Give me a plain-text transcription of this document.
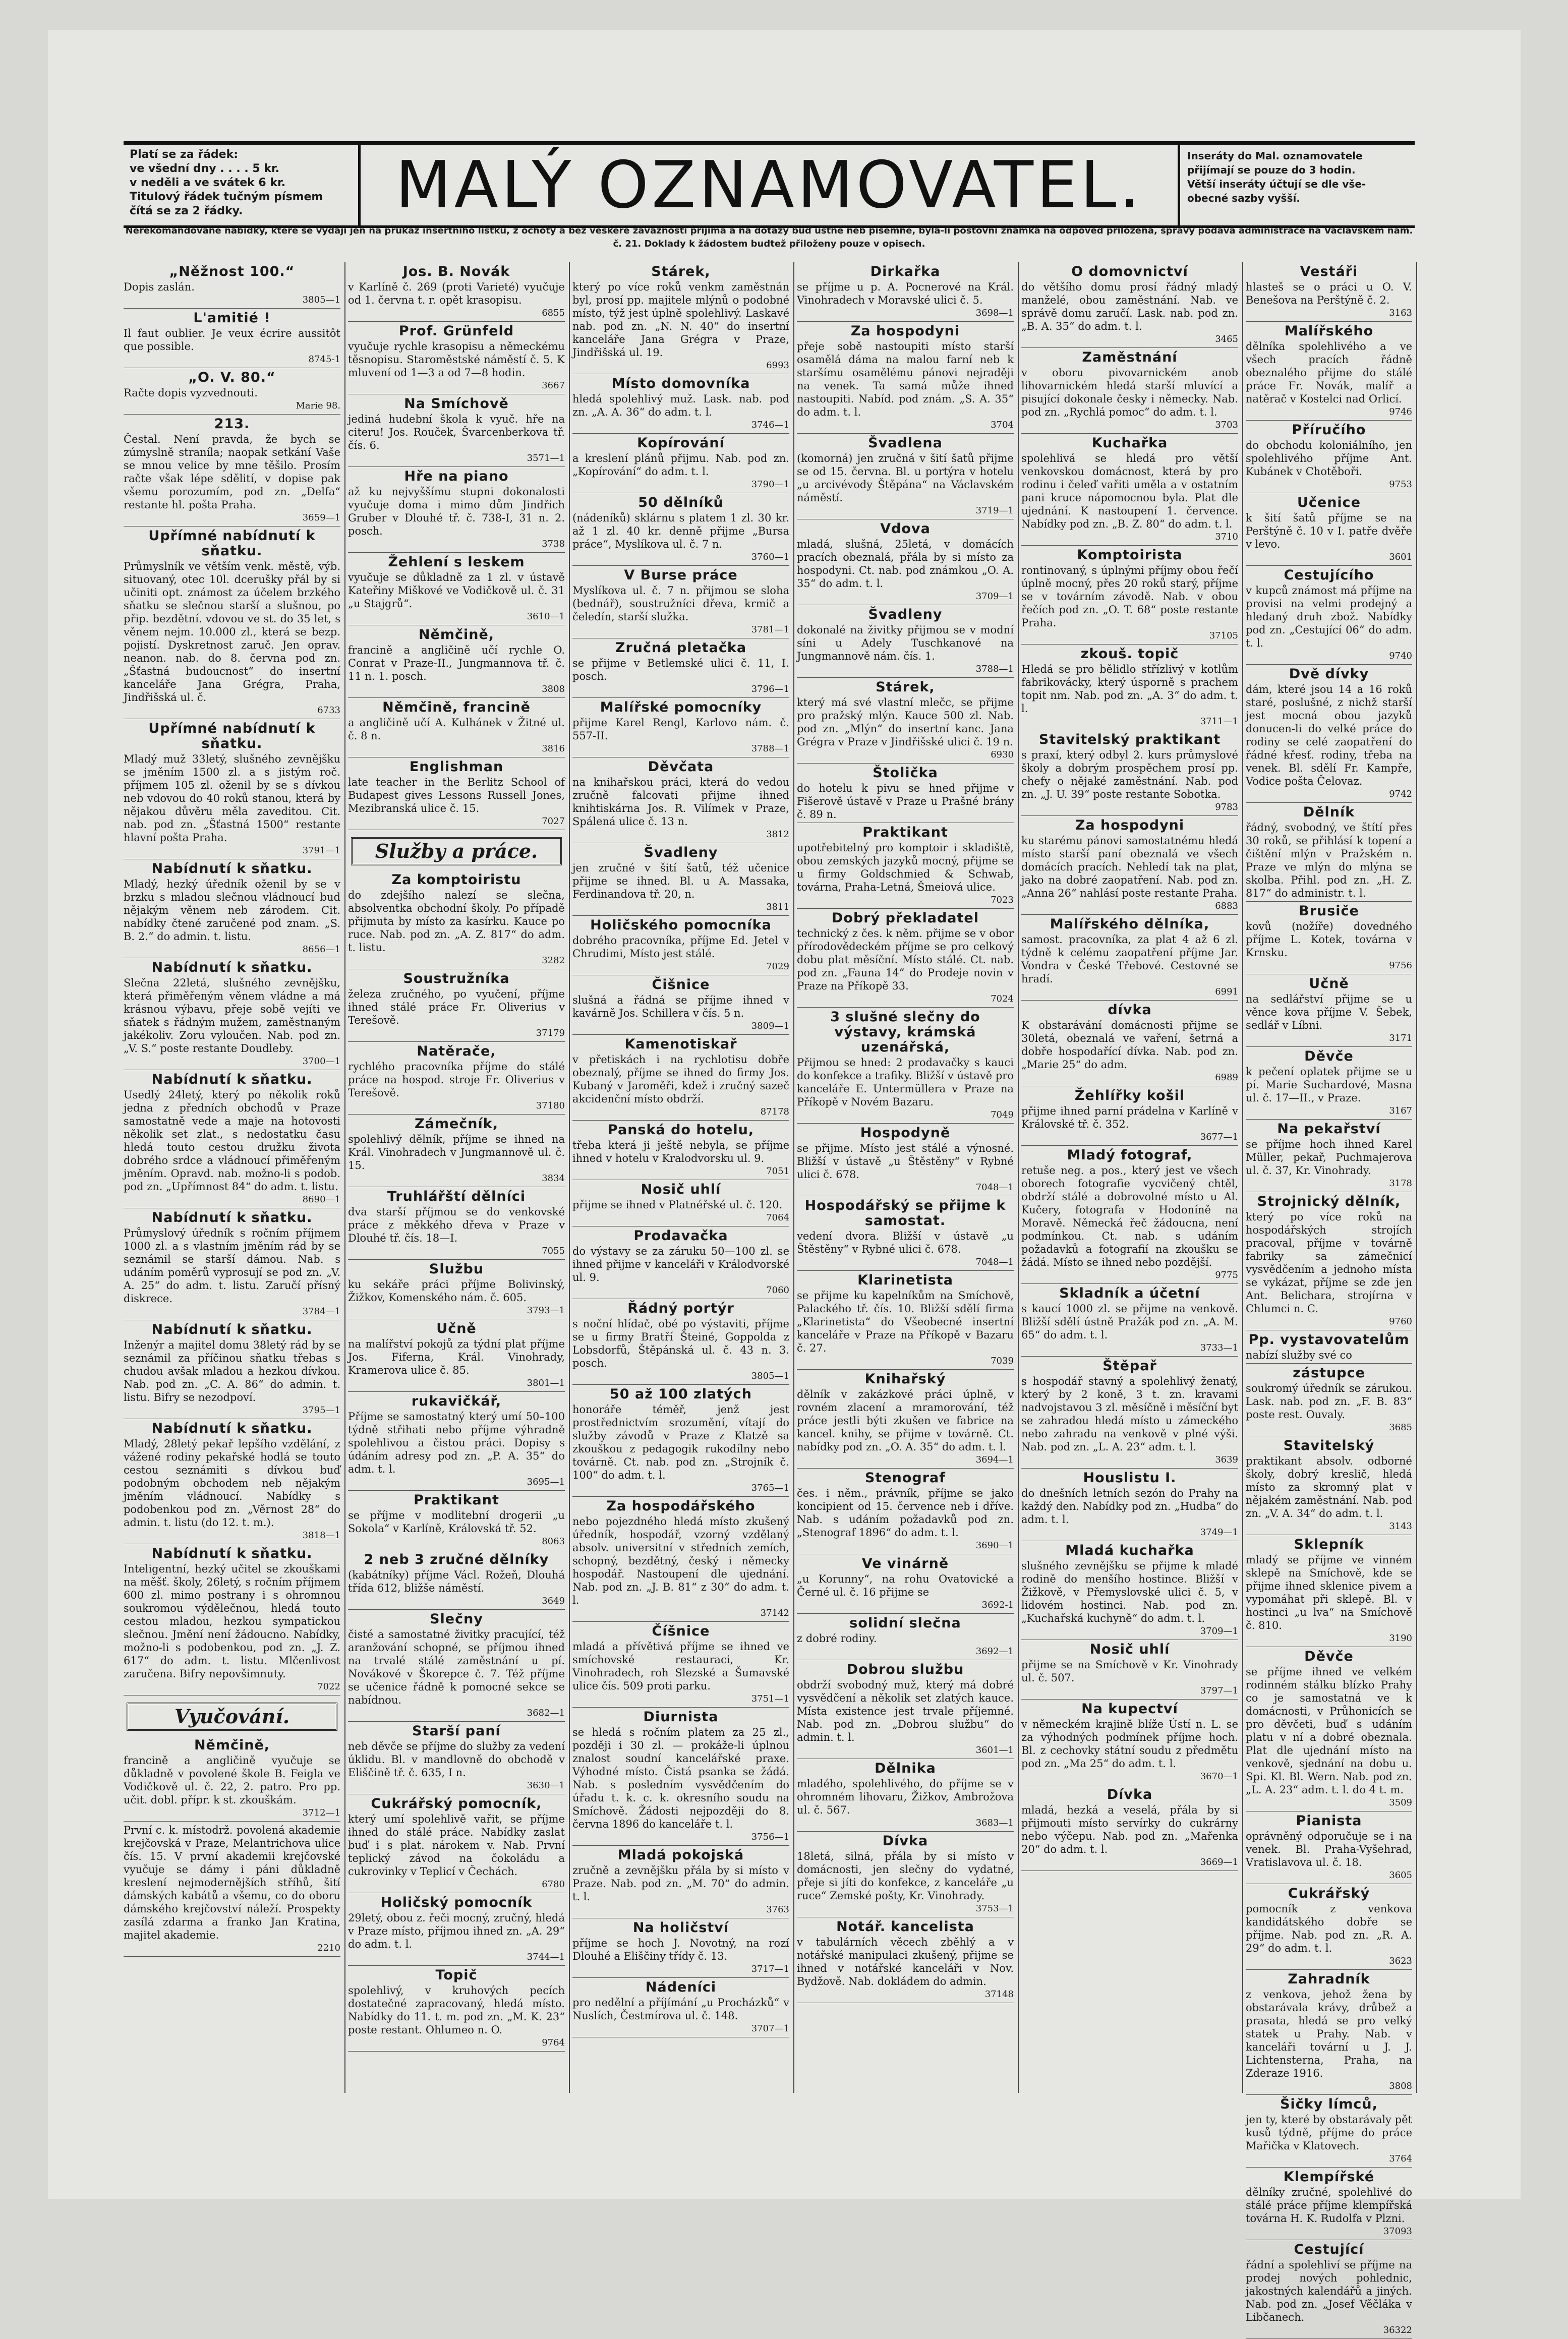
Platí se za řádek:
ve všední dny . . . . 5 kr.
v neděli a ve svátek 6 kr.
Titulový řádek tučným písmem
čítá se za 2 řádky.	MALÝ OZNAMOVATEL.	Inseráty do Mal. oznamovatele
přijímají se pouze do 3 hodin.
Větší inseráty účtují se dle vše-
obecné sazby vyšší.
Nerekomandované nabídky, které se vydají jen na průkaz insertního lístku, z ochoty a bez veškeré závaznosti přijímá a na dotazy buď ústně neb písemně, byla-li poštovní známka na odpověď přiložena, správy podává administrace na Václavském nám. č. 21. Doklady k žádostem budtež přiloženy pouze v opisech.
„Něžnost 100.“
Dopis zaslán.
3805—1
L'amitié !
Il faut oublier. Je veux écrire aussitôt que possible.
8745-1
„O. V. 80.“
Račte dopis vyzvednouti.
Marie 98.
213.
Čestal. Není pravda, že bych se zúmyslně straníla; naopak setkání Vaše se mnou velice by mne těšilo. Prosím račte však lépe sdělití, v dopise pak všemu porozumím, pod zn. „Delfa“ restante hl. pošta Praha.
3659—1
Upřímné nabídnutí k sňatku.
Průmyslník ve větším venk. městě, výb. situovaný, otec 10l. dcerušky přál by si učiniti opt. známost za účelem brzkého sňatku se slečnou starší a slušnou, po přip. bezdětní. vdovou ve st. do 35 let, s věnem nejm. 10.000 zl., která se bezp. pojistí. Dyskretnost zaruč. Jen oprav. neanon. nab. do 8. června pod zn. „Šťastná budoucnost“ do insertní kanceláře Jana Grégra, Praha, Jindřišská ul. č.
6733
Upřímné nabídnutí k sňatku.
Mladý muž 33letý, slušného zevnějšku se jměním 1500 zl. a s jistým roč. příjmem 105 zl. oženil by se s dívkou neb vdovou do 40 roků stanou, která by nějakou důvěru měla zaveditou. Cit. nab. pod zn. „Šťastná 1500“ restante hlavní pošta Praha.
3791—1
Nabídnutí k sňatku.
Mladý, hezký úředník oženil by se v brzku s mladou slečnou vládnoucí bud nějakým věnem neb zárodem. Cit. nabídky čtené zaručené pod znam. „S. B. 2.“ do admin. t. listu.
8656—1
Nabídnutí k sňatku.
Slečna 22letá, slušného zevnějšku, která přiměřeným věnem vládne a má krásnou výbavu, přeje sobě vejíti ve sňatek s řádným mužem, zaměstnaným jakékoliv. Zoru vyloučen. Nab. pod zn. „V. S.“ poste restante Doudleby.
3700—1
Nabídnutí k sňatku.
Usedlý 24letý, který po několik roků jedna z předních obchodů v Praze samostatně vede a maje na hotovosti několik set zlat., s nedostatku času hledá touto cestou družku života dobrého srdce a vládnoucí přiměřeným jměním. Opravd. nab. možno-li s podob. pod zn. „Upřímnost 84“ do adm. t. listu.
8690—1
Nabídnutí k sňatku.
Průmyslový úředník s ročním příjmem 1000 zl. a s vlastním jměním rád by se seznámil se starší dámou. Nab. s udáním poměrů vyprosují se pod zn. „V. A. 25“ do adm. t. listu. Zaručí přísný diskrece.
3784—1
Nabídnutí k sňatku.
Inženýr a majitel domu 38letý rád by se seznámil za příčinou sňatku třebas s chudou avšak mladou a hezkou dívkou. Nab. pod zn. „C. A. 86“ do admin. t. listu. Bifry se nezodpoví.
3795—1
Nabídnutí k sňatku.
Mladý, 28letý pekař lepšího vzdělání, z vážené rodiny pekařské hodlá se touto cestou seznámiti s dívkou buď podobným obchodem neb nějakým jměním vládnoucí. Nabídky s podobenkou pod zn. „Věrnost 28“ do admin. t. listu (do 12. t. m.).
3818—1
Nabídnutí k sňatku.
Inteligentní, hezký učitel se zkouškami na měšť. školy, 26letý, s ročním příjmem 600 zl. mimo postrany i s ohromnou soukromou výdělečnou, hledá touto cestou mladou, hezkou sympatickou slečnou. Jmění není žádoucno. Nabídky, možno-li s podobenkou, pod zn. „J. Z. 617“ do adm. t. listu. Mlčenlivost zaručena. Bifry nepovšimnuty.
7022
Vyučování.
Němčině,
francině a angličině vyučuje se důkladně v povolené škole B. Feigla ve Vodičkově ul. č. 22, 2. patro. Pro pp. učit. dobl. přípr. k st. zkouškám.
3712—1
První c. k. místodrž. povolená akademie krejčovská v Praze, Melantrichova ulice čís. 15. V první akademii krejčovské vyučuje se dámy i páni důkladně kreslení nejmodernějších stříhů, šití dámských kabátů a všemu, co do oboru dámského krejčovství náleží. Prospekty zasílá zdarma a franko Jan Kratina, majitel akademie.
2210
Jos. B. Novák
v Karlíně č. 269 (proti Varieté) vyučuje od 1. června t. r. opět krasopisu.
6855
Prof. Grünfeld
vyučuje rychle krasopisu a německému těsnopisu. Staroměstské náměstí č. 5. K mluvení od 1—3 a od 7—8 hodin.
3667
Na Smíchově
jediná hudební škola k vyuč. hře na citeru! Jos. Rouček, Švarcenberkova tř. čís. 6.
3571—1
Hře na piano
až ku nejvyššímu stupni dokonalosti vyučuje doma i mimo dům Jindřich Gruber v Dlouhé tř. č. 738-I, 31 n. 2. posch.
3738
Žehlení s leskem
vyučuje se důkladně za 1 zl. v ústavě Kateřiny Miškové ve Vodičkově ul. č. 31 „u Stajgrů“.
3610—1
Němčině,
francině a angličině učí rychle O. Conrat v Praze-II., Jungmannova tř. č. 11 n. 1. posch.
3808
Němčině, francině
a angličině učí A. Kulhánek v Žitné ul. č. 8 n.
3816
Englishman
late teacher in the Berlitz School of Budapest gives Lessons Russell Jones, Mezibranská ulice č. 15.
7027
Služby a práce.
Za komptoiristu
do zdejšího nalezí se slečna, absolventka obchodní školy. Po případě přijmuta by místo za kasírku. Kauce po ruce. Nab. pod zn. „A. Z. 817“ do adm. t. listu.
3282
Soustružníka
železa zručného, po vyučení, příjme ihned stálé práce Fr. Oliverius v Terešově.
37179
Natěrače,
rychlého pracovníka příjme do stálé práce na hospod. stroje Fr. Oliverius v Terešově.
37180
Zámečník,
spolehlivý dělník, příjme se ihned na Král. Vinohradech v Jungmannově ul. č. 15.
3834
Truhlářští dělníci
dva starší příjmou se do venkovské práce z měkkého dřeva v Praze v Dlouhé tř. čís. 18—I.
7055
Službu
ku sekáře práci příjme Bolivinský, Žižkov, Komenského nám. č. 605.
3793—1
Učně
na malířství pokojů za týdní plat příjme Jos. Fiferna, Král. Vinohrady, Kramerova ulice č. 85.
3801—1
rukavičkář,
Příjme se samostatný který umí 50–100 týdně střihati nebo příjme výhradně spolehlivou a čistou práci. Dopisy s údáním adresy pod zn. „P. A. 35“ do adm. t. l.
3695—1
Praktikant
se příjme v modlitební drogerii „u Sokola“ v Karlíně, Královská tř. 52.
8063
2 neb 3 zručné dělníky
(kabátníky) příjme Václ. Rožeň, Dlouhá třída 612, bližše náměstí.
3649
Slečny
čisté a samostatné živitky pracující, též aranžování schopné, se příjmou ihned na trvalé stálé zaměstnání u pí. Novákové v Škorepce č. 7. Též příjme se učenice řádně k pomocné sekce se nabídnou.
3682—1
Starší paní
neb děvče se příjme do služby za vedení úklidu. Bl. v mandlovně do obchodě v Eliščině tř. č. 635, I n.
3630—1
Cukrářský pomocník,
který umí spolehlivě vařit, se příjme ihned do stálé práce. Nabídky zaslat buď i s plat. nárokem v. Nab. První teplický závod na čokoládu a cukrovinky v Teplicí v Čechách.
6780
Holičský pomocník
29letý, obou z. řeči mocný, zručný, hledá v Praze místo, příjmou ihned zn. „A. 29“ do adm. t. l.
3744—1
Topič
spolehlivý, v kruhových pecích dostatečné zapracovaný, hledá místo. Nabídky do 11. t. m. pod zn. „M. K. 23“ poste restant. Ohlumeo n. O.
9764
Stárek,
který po více roků venkm zaměstnán byl, prosí pp. majitele mlýnů o podobné místo, týž jest úplně spolehlivý. Laskavé nab. pod zn. „N. N. 40“ do insertní kanceláře Jana Grégra v Praze, Jindřišská ul. 19.
6993
Místo domovníka
hledá spolehlivý muž. Lask. nab. pod zn. „A. A. 36“ do adm. t. l.
3746—1
Kopírování
a kreslení plánů přijmu. Nab. pod zn. „Kopírování“ do adm. t. l.
3790—1
50 dělníků
(nádeníků) sklárnu s platem 1 zl. 30 kr. až 1 zl. 40 kr. denně přijme „Bursa práce“, Myslíkova ul. č. 7 n.
3760—1
V Burse práce
Myslíkova ul. č. 7 n. přijmou se sloha (bednář), soustružníci dřeva, krmič a čeledín, starší služka.
3781—1
Zručná pletačka
se přijme v Betlemské ulici č. 11, I. posch.
3796—1
Malířské pomocníky
přijme Karel Rengl, Karlovo nám. č. 557-II.
3788—1
Děvčata
na knihařskou práci, která do vedou zručně falcovati přijme ihned knihtiskárna Jos. R. Vilímek v Praze, Spálená ulice č. 13 n.
3812
Švadleny
jen zručné v šití šatů, též učenice přijme se ihned. Bl. u A. Massaka, Ferdinandova tř. 20, n.
3811
Holičského pomocníka
dobrého pracovníka, příjme Ed. Jetel v Chrudimi, Místo jest stálé.
7029
Čišnice
slušná a řádná se příjme ihned v kavárně Jos. Schillera v čís. 5 n.
3809—1
Kamenotiskař
v přetiskách i na rychlotisu dobře obeznalý, příjme se ihned do firmy Jos. Kubaný v Jaroměři, kdež i zručný sazeč akcidenční místo obdrží.
87178
Panská do hotelu,
třeba která ji ještě nebyla, se příjme ihned v hotelu v Kralodvorsku ul. 9.
7051
Nosič uhlí
přijme se ihned v Platnéřské ul. č. 120.
7064
Prodavačka
do výstavy se za záruku 50—100 zl. se ihned přijme v kanceláři v Králodvorské ul. 9.
7060
Řádný portýr
s noční hlídač, obé po výstaviti, příjme se u firmy Bratří Šteiné, Goppolda z Lobsdorfů, Štěpánská ul. č. 43 n. 3. posch.
3805—1
50 až 100 zlatých
honoráře téměř, jenž jest prostřednictvím srozumění, vítají do služby závodů v Praze z Klatzě sa zkouškou z pedagogik rukodílny nebo továrně. Ct. nab. pod zn. „Strojník č. 100“ do adm. t. l.
3765—1
Za hospodářského
nebo pojezdného hledá místo zkušený úředník, hospodář, vzorný vzdělaný absolv. universitní v středních zemích, schopný, bezdětný, český i německy hospodář. Nastoupení dle ujednání. Nab. pod zn. „J. B. 81“ z 30“ do adm. t. l.
37142
Číšnice
mladá a přívětivá příjme se ihned ve smíchovské restauraci, Kr. Vinohradech, roh Slezské a Šumavské ulice čís. 509 proti parku.
3751—1
Diurnista
se hledá s ročním platem za 25 zl., později i 30 zl. — prokáže-li úplnou znalost soudní kancelářské praxe. Výhodné místo. Čistá psanka se žádá. Nab. s posledním vysvědčením do úřadu t. k. c. k. okresního soudu na Smíchově. Žádosti nejpozději do 8. června 1896 do kanceláře t. l.
3756—1
Mladá pokojská
zručně a zevnějšku přála by si místo v Praze. Nab. pod zn. „M. 70“ do admin. t. l.
3763
Na holičství
příjme se hoch J. Novotný, na rozí Dlouhé a Eliščiny třídy č. 13.
3717—1
Nádeníci
pro nedělní a příjímání „u Procházků“ v Nuslích, Čestmírova ul. č. 148.
3707—1
Dirkařka
se příjme u p. A. Pocnerové na Král. Vinohradech v Moravské ulici č. 5.
3698—1
Za hospodyni
přeje sobě nastoupiti místo starší osamělá dáma na malou farní neb k staršímu osamělému pánovi nejraději na venek. Ta samá může ihned nastoupiti. Nabíd. pod znám. „S. A. 35“ do adm. t. l.
3704
Švadlena
(komorná) jen zručná v šití šatů přijme se od 15. června. Bl. u portýra v hotelu „u arcivévody Štěpána“ na Václavském náměstí.
3719—1
Vdova
mladá, slušná, 25letá, v domácích pracích obeznalá, přála by si místo za hospodyni. Ct. nab. pod známkou „O. A. 35“ do adm. t. l.
3709—1
Švadleny
dokonalé na živitky přijmou se v modní síni u Adely Tuschkanové na Jungmannově nám. čís. 1.
3788—1
Stárek,
který má své vlastní mlečc, se přijme pro pražský mlýn. Kauce 500 zl. Nab. pod zn. „Mlýn“ do insertní kanc. Jana Grégra v Praze v Jindřišské ulici č. 19 n.
6930
Štolička
do hotelu k pivu se hned přijme v Fišerově ústavě v Praze u Prašné brány č. 89 n.
Praktikant
upotřebitelný pro komptoir i skladiště, obou zemských jazyků mocný, přijme se u firmy Goldschmied & Schwab, továrna, Praha-Letná, Šmeiová ulice.
7023
Dobrý překladatel
technický z čes. k něm. přijme se v obor přírodovědeckém příjme se pro celkový dobu plat měsíční. Místo stálé. Ct. nab. pod zn. „Fauna 14“ do Prodeje novin v Praze na Příkopě 33.
7024
3 slušné slečny do výstavy, krámská uzenářská,
Přijmou se hned: 2 prodavačky s kauci do konfekce a trafiky. Bližší v ústavě pro kanceláře E. Untermüllera v Praze na Příkopě v Novém Bazaru.
7049
Hospodyně
se přijme. Místo jest stálé a výnosné. Bližší v ústavě „u Štěstěny“ v Rybné ulici č. 678.
7048—1
Hospodářský se přijme k samostat.
vedení dvora. Bližší v ústavě „u Štěstěny“ v Rybné ulici č. 678.
7048—1
Klarinetista
se přijme ku kapelníkům na Smíchově, Palackého tř. čís. 10. Bližší sdělí firma „Klarinetista“ do Všeobecné insertní kanceláře v Praze na Příkopě v Bazaru č. 27.
7039
Knihařský
dělník v zakázkové práci úplně, v rovném zlacení a mramorování, též práce jestli býti zkušen ve fabrice na kancel. knihy, se přijme v továrně. Ct. nabídky pod zn. „O. A. 35“ do adm. t. l.
3694—1
Stenograf
čes. i něm., právník, příjme se jako koncipient od 15. července neb i dříve. Nab. s udáním požadavků pod zn. „Stenograf 1896“ do adm. t. l.
3690—1
Ve vinárně
„u Korunny“, na rohu Ovatovické a Černé ul. č. 16 přijme se
3692-1
solidní slečna
z dobré rodiny.
3692—1
Dobrou službu
obdrží svobodný muž, který má dobré vysvědčení a několik set zlatých kauce. Místa existence jest trvale příjemné. Nab. pod zn. „Dobrou službu“ do admin. t. l.
3601—1
Dělnika
mladého, spolehlivého, do příjme se v ohromném lihovaru, Žižkov, Ambrožova ul. č. 567.
3683—1
Dívka
18letá, silná, přála by si místo v domácnosti, jen slečny do vydatné, přeje si jíti do konfekce, z kanceláře „u ruce“ Zemské pošty, Kr. Vinohrady.
3753—1
Notář. kancelista
v tabulárních věcech zběhlý a v notářské manipulaci zkušený, přijme se ihned v notářské kanceláři v Nov. Bydžově. Nab. dokládem do admin.
37148
O domovnictví
do většího domu prosí řádný mladý manželé, obou zaměstnání. Nab. ve správě domu zaručí. Lask. nab. pod zn. „B. A. 35“ do adm. t. l.
3465
Zaměstnání
v oboru pivovarnickém anob lihovarnickém hledá starší mluvící a pisující dokonale česky i německy. Nab. pod zn. „Rychlá pomoc“ do adm. t. l.
3703
Kuchařka
spolehlivá se hledá pro větší venkovskou domácnost, která by pro rodinu i čeleď vařiti uměla a v ostatním pani kruce nápomocnou byla. Plat dle ujednání. K nastoupení 1. července. Nabídky pod zn. „B. Z. 80“ do adm. t. l.
3710
Komptoirista
rontinovaný, s úplnými příjmy obou řečí úplně mocný, přes 20 roků starý, příjme se v továrním závodě. Nab. v obou řečích pod zn. „O. T. 68“ poste restante Praha.
37105
zkouš. topič
Hledá se pro bělidlo střízlivý v kotlům fabrikovácky, který úsporně s prachem topit nm. Nab. pod zn. „A. 3“ do adm. t. l.
3711—1
Stavitelský praktikant
s praxí, který odbyl 2. kurs průmyslové školy a dobrým prospěchem prosí pp. chefy o nějaké zaměstnání. Nab. pod zn. „J. U. 39“ poste restante Sobotka.
9783
Za hospodyni
ku starému pánovi samostatnému hledá místo starší paní obeznalá ve všech domácích pracích. Nehledí tak na plat, jako na dobré zaopatření. Nab. pod zn. „Anna 26“ nahlásí poste restante Praha.
6883
Malířského dělníka,
samost. pracovníka, za plat 4 až 6 zl. týdně k celému zaopatření příjme Jar. Vondra v České Třebové. Cestovné se hradí.
6991
dívka
K obstarávání domácnosti přijme se 30letá, obeznalá ve vaření, šetrná a dobře hospodařící dívka. Nab. pod zn. „Marie 25“ do adm.
6989
Žehlířky košil
přijme ihned parní prádelna v Karlíně v Královské tř. č. 352.
3677—1
Mladý fotograf,
retuše neg. a pos., který jest ve všech oborech fotografie vycvičený chtěl, obdrží stálé a dobrovolné místo u Al. Kučery, fotografa v Hodoníně na Moravě. Německá řeč žádoucna, není podmínkou. Ct. nab. s udáním požadavků a fotografií na zkoušku se žádá. Místo se ihned nebo pozdější.
9775
Skladník a účetní
s kaucí 1000 zl. se přijme na venkově. Bližší sdělí ústně Pražák pod zn. „A. M. 65“ do adm. t. l.
3733—1
Štěpař
s hospodář stavný a spolehlivý ženatý, který by 2 koně, 3 t. zn. kravami nadvojstavou 3 zl. měsíčně i měsíční byt se zahradou hledá místo u zámeckého nebo zahradu na venkově v plné výši. Nab. pod zn. „L. A. 23“ adm. t. l.
3639
Houslistu I.
do dnešních letních sezón do Prahy na každý den. Nabídky pod zn. „Hudba“ do adm. t. l.
3749—1
Mladá kuchařka
slušného zevnějšku se přijme k mladé rodině do menšího hostince. Bližší v Žižkově, v Přemyslovské ulici č. 5, v lidovém hostinci. Nab. pod zn. „Kuchařská kuchyně“ do adm. t. l.
3709—1
Nosič uhlí
přijme se na Smíchově v Kr. Vinohrady ul. č. 507.
3797—1
Na kupectví
v německém krajině blíže Ústí n. L. se za výhodných podmínek příjme hoch. Bl. z cechovky státní soudu z předmětu pod zn. „Ma 25“ do adm. t. l.
3670—1
Dívka
mladá, hezká a veselá, přála by si přijmouti místo servírky do cukrárny nebo výčepu. Nab. pod zn. „Mařenka 20“ do adm. t. l.
3669—1
Vestáři
hlasteš se o práci u O. V. Benešova na Perštýně č. 2.
3163
Malířského
dělníka spolehlivého a ve všech pracích řádně obeznalého přijme do stálé práce Fr. Novák, malíř a natěrač v Kostelci nad Orlicí.
9746
Příručího
do obchodu koloniálního, jen spolehlivého příjme Ant. Kubánek v Chotěboři.
9753
Učenice
k šití šatů příjme se na Perštýně č. 10 v I. patře dvěře v levo.
3601
Cestujícího
v kupců známost má příjme na provisi na velmi prodejný a hledaný druh zbož. Nabídky pod zn. „Cestující 06“ do adm. t. l.
9740
Dvě dívky
dám, které jsou 14 a 16 roků staré, poslušné, z nichž starší jest mocná obou jazyků donucen-li do velké práce do rodiny se celé zaopatření do řádné křesť. rodiny, třeba na venek. Bl. sdělí Fr. Kampře, Vodice pošta Čelovaz.
9742
Dělník
řádný, svobodný, ve štítí přes 30 roků, se přihlásí k topení a čištění mlýn v Pražském n. Praze ve mlýn do mlýna se skolba. Přihl. pod zn. „H. Z. 817“ do administr. t. l.
Brusiče
kovů (nožíře) dovedného příjme L. Kotek, továrna v Krnsku.
9756
Učně
na sedlářství přijme se u věnce kova příjme V. Šebek, sedlář v Líbni.
3171
Děvče
k pečení oplatek přijme se u pí. Marie Suchardové, Masna ul. č. 17—II., v Praze.
3167
Na pekařství
se příjme hoch ihned Karel Müller, pekař, Puchmajerova ul. č. 37, Kr. Vinohrady.
3178
Strojnický dělník,
který po více roků na hospodářských strojích pracoval, příjme v továrně fabriky sa zámečnicí vysvědčením a jednoho místa se vykázat, příjme se zde jen Ant. Belichara, strojírna v Chlumci n. C.
9760
Pp. vystavovatelům
nabízí služby své co
zástupce
soukromý úředník se zárukou. Lask. nab. pod zn. „F. B. 83“ poste rest. Ouvaly.
3685
Stavitelský
praktikant absolv. odborné školy, dobrý kreslič, hledá místo za skromný plat v nějakém zaměstnání. Nab. pod zn. „V. A. 34“ do adm. t. l.
3143
Sklepník
mladý se příjme ve vinném sklepě na Smíchově, kde se přijme ihned sklenice pivem a vypomáhat při sklepě. Bl. v hostinci „u lva“ na Smíchově č. 810.
3190
Děvče
se příjme ihned ve velkém rodinném stálku blízko Prahy co je samostatná ve k domácnosti, v Průhonicích se pro děvčeti, buď s udáním platu v ní a dobré obeznala. Plat dle ujednání místo na venkově, sjednání na dobu u. Spi. Kl. Bl. Wern. Nab. pod zn. „L. A. 23“ adm. t. l. do 4 t. m.
3509
Pianista
oprávněný odporučuje se i na venek. Bl. Praha-Vyšehrad, Vratislavova ul. č. 18.
3605
Cukrářský
pomocník z venkova kandidátského dobře se příjme. Nab. pod zn. „R. A. 29“ do adm. t. l.
3623
Zahradník
z venkova, jehož žena by obstarávala krávy, drůbež a prasata, hledá se pro velký statek u Prahy. Nab. v kanceláři tovární u J. J. Lichtensterna, Praha, na Zderaze 1916.
3808
Šičky límců,
jen ty, které by obstarávaly pět kusů týdně, příjme do práce Mařička v Klatovech.
3764
Klempířské
dělníky zručné, spolehlivé do stálé práce příjme klempířská továrna H. K. Rudolfa v Plzni.
37093
Cestující
řádní a spolehliví se příjme na prodej nových pohlednic, jakostných kalendářů a jiných. Nab. pod zn. „Josef Věčláka v Libčanech.
36322
